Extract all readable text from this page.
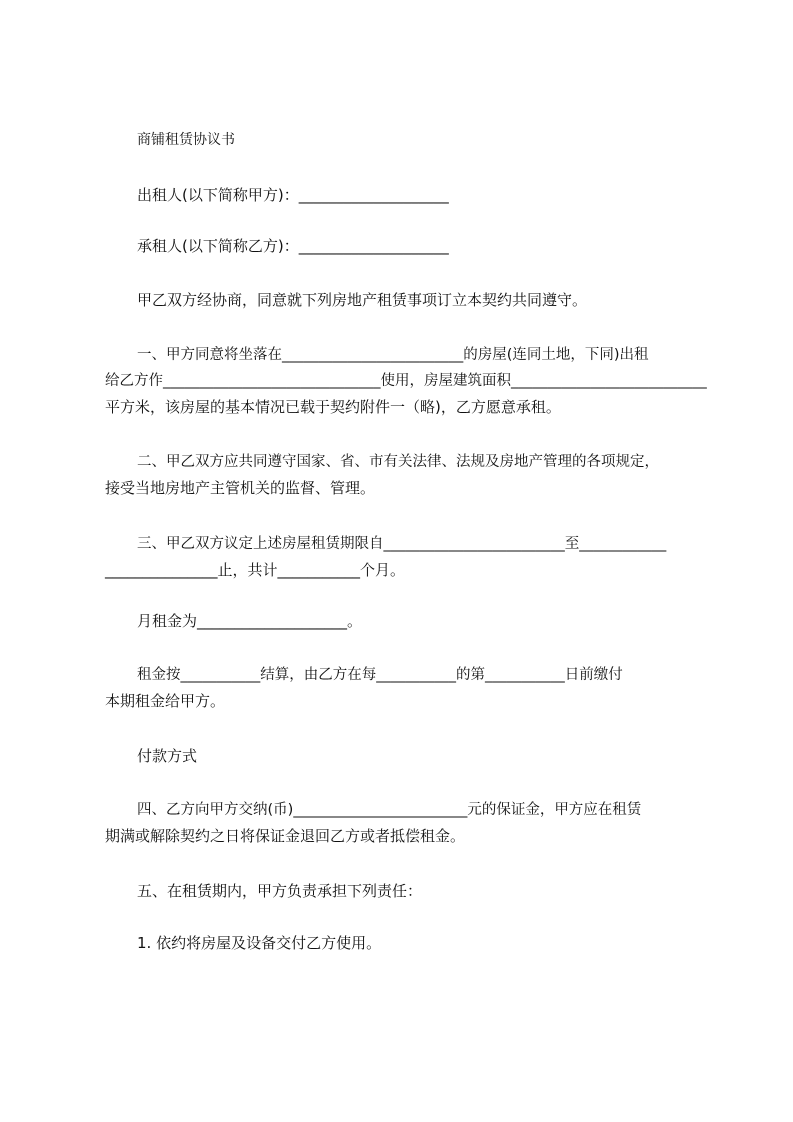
商铺租赁协议书
出租人(以下简称甲方)：____________________
承租人(以下简称乙方)：____________________
甲乙双方经协商，同意就下列房地产租赁事项订立本契约共同遵守。
一、甲方同意将坐落在_________________________的房屋(连同土地，下同)出租
给乙方作______________________________使用，房屋建筑面积___________________________
平方米，该房屋的基本情况已载于契约附件一（略)，乙方愿意承租。
二、甲乙双方应共同遵守国家、省、市有关法律、法规及房地产管理的各项规定，
接受当地房地产主管机关的监督、管理。
三、甲乙双方议定上述房屋租赁期限自_________________________至____________
_______________止，共计___________个月。
月租金为____________________。
租金按___________结算，由乙方在每___________的第___________日前缴付
本期租金给甲方。
付款方式
四、乙方向甲方交纳(币)________________________元的保证金，甲方应在租赁
期满或解除契约之日将保证金退回乙方或者抵偿租金。
五、在租赁期内，甲方负责承担下列责任：
1. 依约将房屋及设备交付乙方使用。
